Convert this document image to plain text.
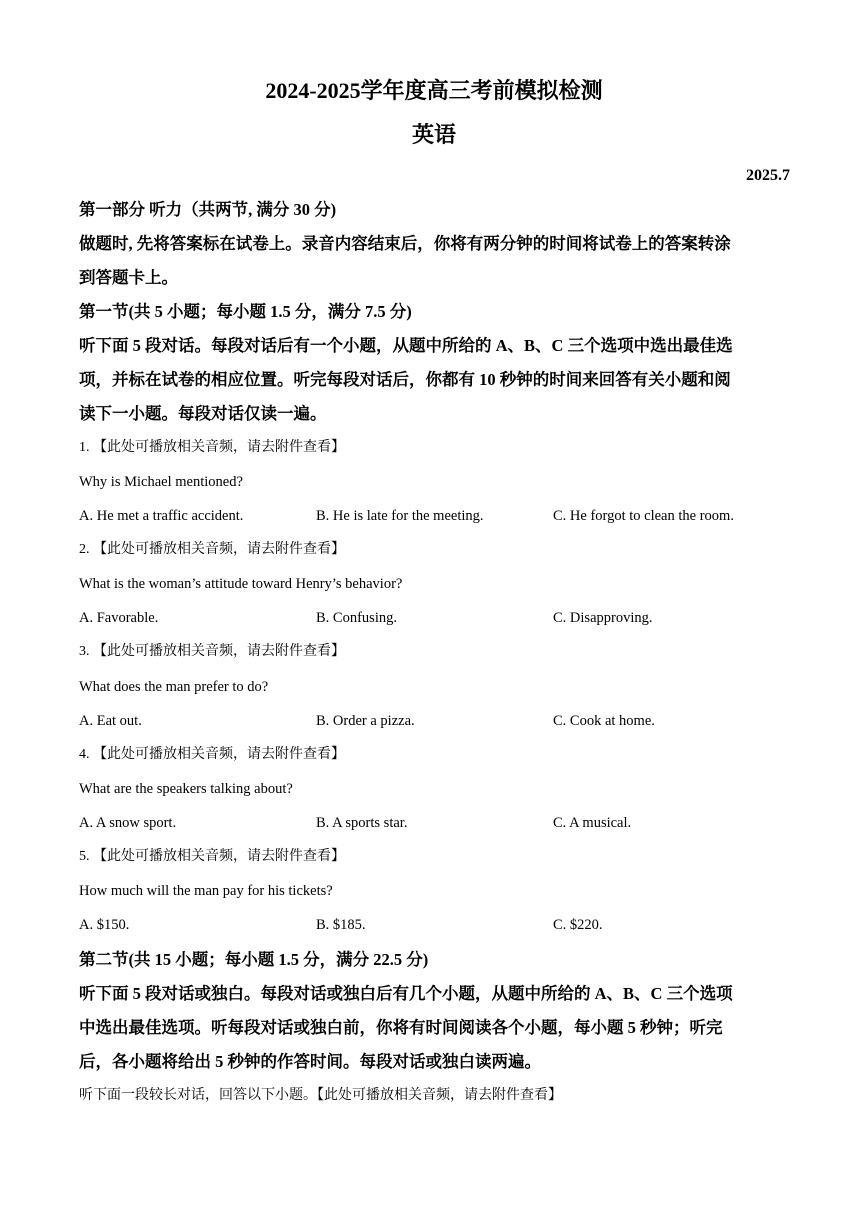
2024-2025学年度高三考前模拟检测
英语
2025.7
第一部分 听力（共两节, 满分 30 分)
做题时, 先将答案标在试卷上。录音内容结束后，你将有两分钟的时间将试卷上的答案转涂
到答题卡上。
第一节(共 5 小题；每小题 1.5 分，满分 7.5 分)
听下面 5 段对话。每段对话后有一个小题，从题中所给的 A、B、C 三个选项中选出最佳选
项，并标在试卷的相应位置。听完每段对话后，你都有 10 秒钟的时间来回答有关小题和阅
读下一小题。每段对话仅读一遍。
1. 【此处可播放相关音频，请去附件查看】
Why is Michael mentioned?
A. He met a traffic accident.	B. He is late for the meeting.	C. He forgot to clean the room.
2. 【此处可播放相关音频，请去附件查看】
What is the woman’s attitude toward Henry’s behavior?
A. Favorable.	B. Confusing.	C. Disapproving.
3. 【此处可播放相关音频，请去附件查看】
What does the man prefer to do?
A. Eat out.	B. Order a pizza.	C. Cook at home.
4. 【此处可播放相关音频，请去附件查看】
What are the speakers talking about?
A. A snow sport.	B. A sports star.	C. A musical.
5. 【此处可播放相关音频，请去附件查看】
How much will the man pay for his tickets?
A. $150.	B. $185.	C. $220.
第二节(共 15 小题；每小题 1.5 分，满分 22.5 分)
听下面 5 段对话或独白。每段对话或独白后有几个小题，从题中所给的 A、B、C 三个选项
中选出最佳选项。听每段对话或独白前，你将有时间阅读各个小题，每小题 5 秒钟；听完
后，各小题将给出 5 秒钟的作答时间。每段对话或独白读两遍。
听下面一段较长对话，回答以下小题。【此处可播放相关音频，请去附件查看】
